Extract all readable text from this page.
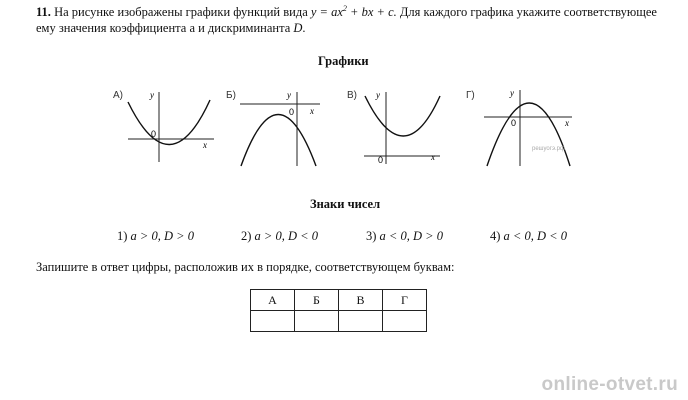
11. На рисунке изображены графики функций вида $y = ax^2$ + bx + c. Для каждого графика укажите соответствующее
ему значения коэффициента a и дискриминанта D.
Графики
А)	y
x
0
Б)	y
x
0
В) y
x
0
Г)	y
x
0
решуогэ.рф
Знаки чисел
1) a > 0, D > 0	2) a > 0, D < 0	3) a < 0, D > 0	4) a < 0, D < 0
Запишите в ответ цифры, расположив их в порядке, соответствующем буквам:
А	Б	В	Г

online-otvet.ru
